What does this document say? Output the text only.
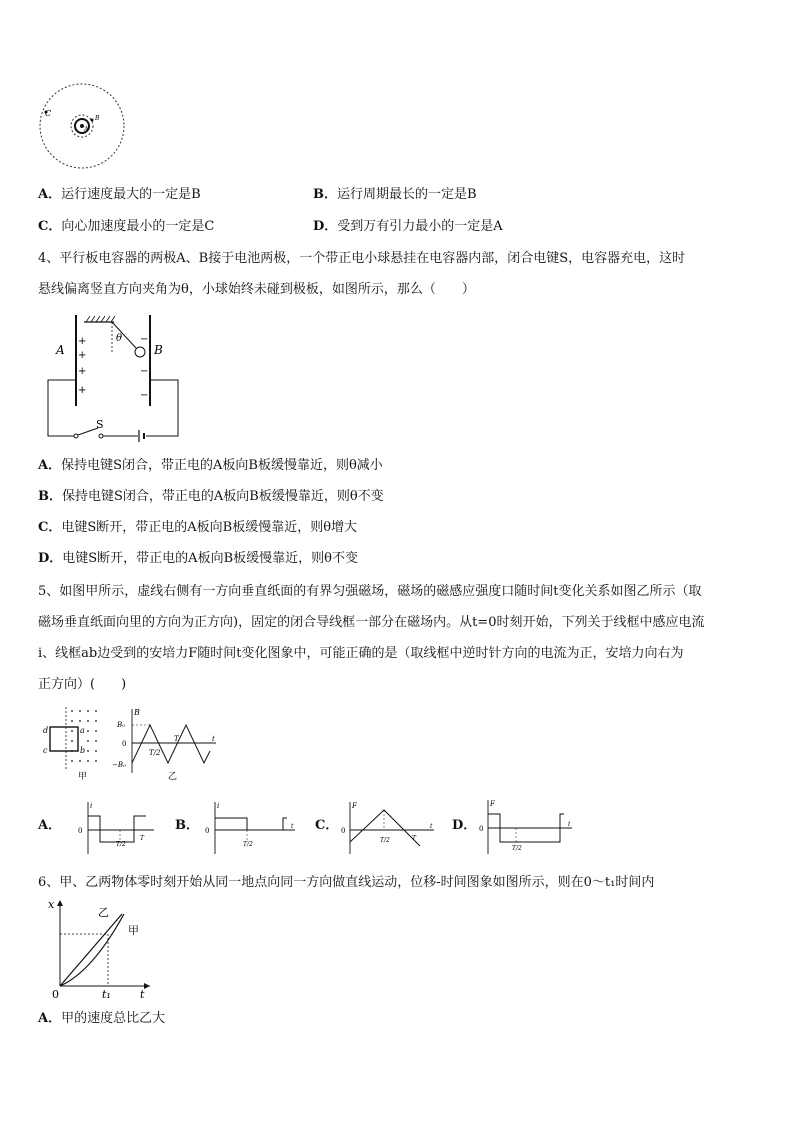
C
A
B
A．运行速度最大的一定是B	B．运行周期最长的一定是B
C．向心加速度最小的一定是C	D．受到万有引力最小的一定是A
4、平行板电容器的两极A、B接于电池两极，一个带正电小球悬挂在电容器内部，闭合电键S，电容器充电，这时
悬线偏离竖直方向夹角为θ，小球始终未碰到极板，如图所示，那么（　　）
θ
+
+
+
+
−
−
−
A	B
S
A．保持电键S闭合，带正电的A板向B板缓慢靠近，则θ减小
B．保持电键S闭合，带正电的A板向B板缓慢靠近，则θ不变
C．电键S断开，带正电的A板向B板缓慢靠近，则θ增大
D．电键S断开，带正电的A板向B板缓慢靠近，则θ不变
5、如图甲所示，虚线右侧有一方向垂直纸面的有界匀强磁场，磁场的磁感应强度口随时间t变化关系如图乙所示（取
磁场垂直纸面向里的方向为正方向)，固定的闭合导线框一部分在磁场内。从t=0时刻开始，下列关于线框中感应电流
i、线框ab边受到的安培力F随时间t变化图象中，可能正确的是（取线框中逆时针方向的电流为正，安培力向右为
正方向）(　　)
d	a
c	b
甲
B
B₀
0
−B₀
T/2
T	t
乙
A．
i
0
T/2
T
B．
i
0
T/2
t C．
F
0
T/2	T
t D．
F
0
T/2
t
6、甲、乙两物体零时刻开始从同一地点向同一方向做直线运动，位移-时间图象如图所示，则在0～t₁时间内
x
0	t
t₁
乙
甲
A．甲的速度总比乙大
